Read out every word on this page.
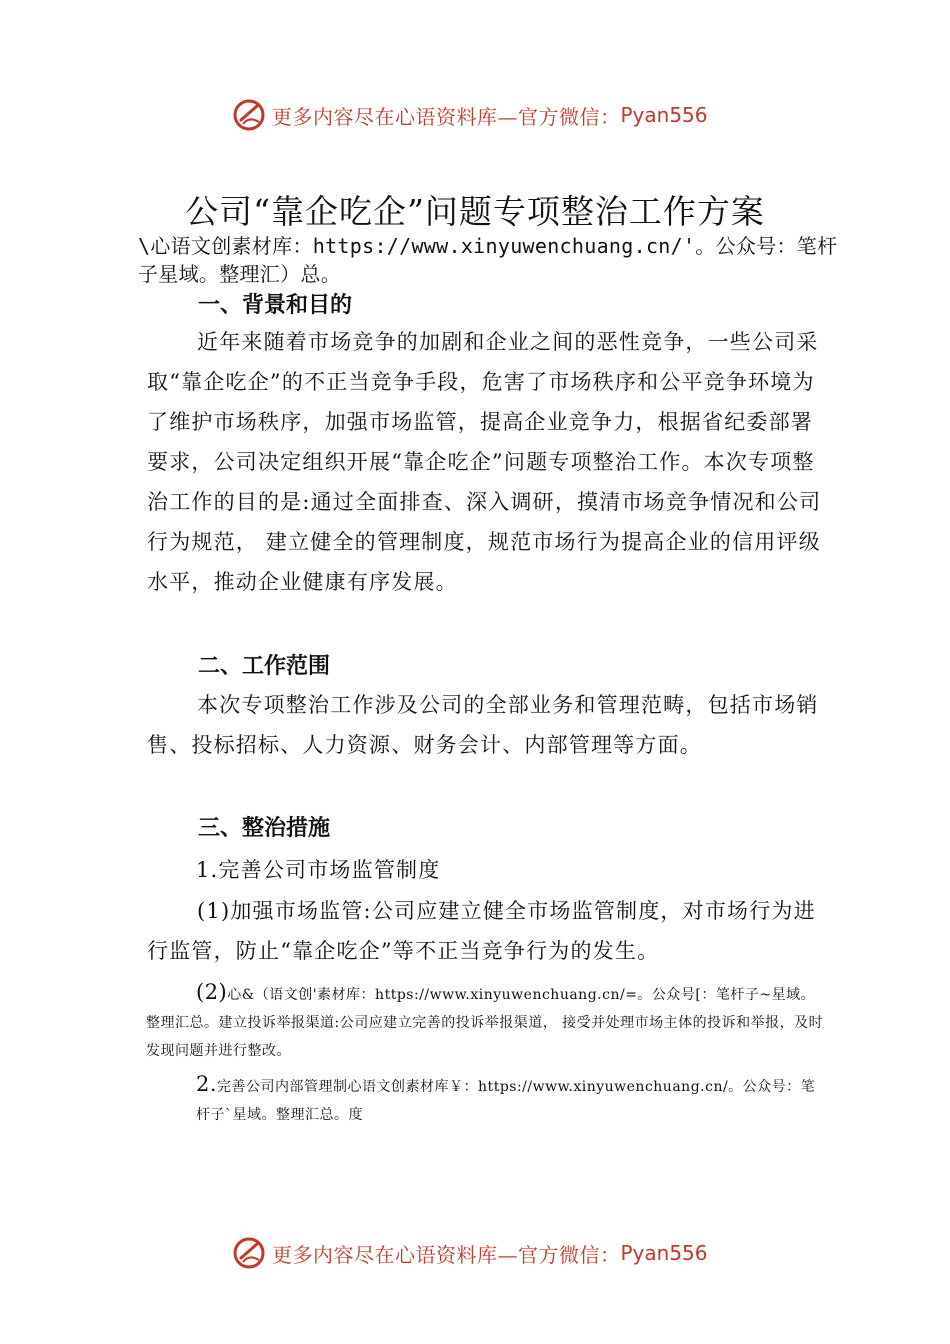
更多内容尽在心语资料库—官方微信： Pyan556
公司“靠企吃企”问题专项整治工作方案
\心语文创素材库：https://www.xinyuwenchuang.cn/'。公众号：笔杆子星域。整理汇）总。
一、背景和目的

近年来随着市场竞争的加剧和企业之间的恶性竞争，一些公司采取“靠企吃企”的不正当竞争手段，危害了市场秩序和公平竞争环境为了维护市场秩序，加强市场监管，提高企业竞争力，根据省纪委部署要求，公司决定组织开展“靠企吃企”问题专项整治工作。本次专项整治工作的目的是:通过全面排查、深入调研，摸清市场竞争情况和公司行为规范， 建立健全的管理制度，规范市场行为提高企业的信用评级水平，推动企业健康有序发展。

二、工作范围

本次专项整治工作涉及公司的全部业务和管理范畴，包括市场销售、投标招标、人力资源、财务会计、内部管理等方面。

三、整治措施
1.完善公司市场监管制度

(1)加强市场监管:公司应建立健全市场监管制度，对市场行为进行监管，防止“靠企吃企”等不正当竞争行为的发生。

(2)心&（语文创'素材库：https://www.xinyuwenchuang.cn/=。公众号[：笔杆子~星域。整理汇总。建立投诉举报渠道:公司应建立完善的投诉举报渠道， 接受并处理市场主体的投诉和举报，及时发现问题并进行整改。
2.完善公司内部管理制心语文创素材库￥：https://www.xinyuwenchuang.cn/。公众号：笔杆子`星域。整理汇总。度
更多内容尽在心语资料库—官方微信： Pyan556
